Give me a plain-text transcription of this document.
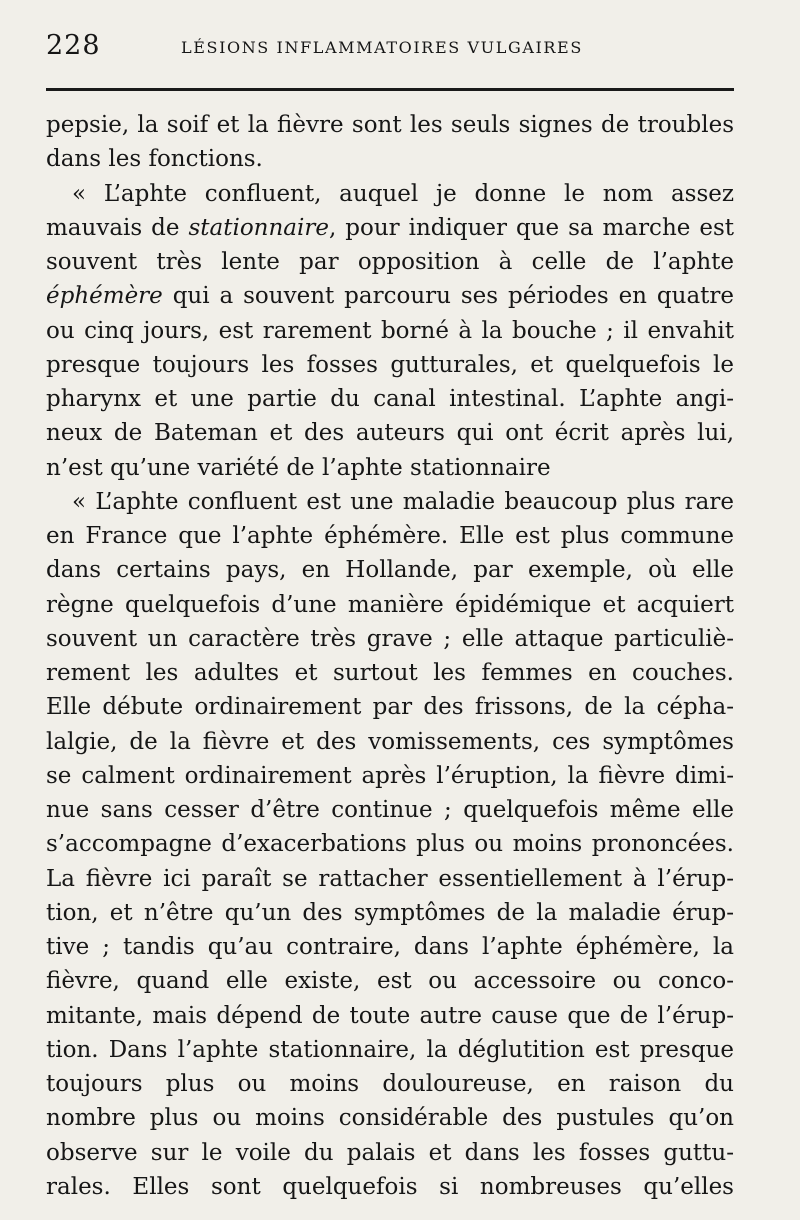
228	LÉSIONS INFLAMMATOIRES VULGAIRES
pepsie, la soif et la fièvre sont les seuls signes de troubles
dans les fonctions.
« L’aphte confluent, auquel je donne le nom assez
mauvais de stationnaire, pour indiquer que sa marche est
souvent très lente par opposition à celle de l’aphte
éphémère qui a souvent parcouru ses périodes en quatre
ou cinq jours, est rarement borné à la bouche ; il envahit
presque toujours les fosses gutturales, et quelquefois le
pharynx et une partie du canal intestinal. L’aphte angi-
neux de Bateman et des auteurs qui ont écrit après lui,
n’est qu’une variété de l’aphte stationnaire
« L’aphte confluent est une maladie beaucoup plus rare
en France que l’aphte éphémère. Elle est plus commune
dans certains pays, en Hollande, par exemple, où elle
règne quelquefois d’une manière épidémique et acquiert
souvent un caractère très grave ; elle attaque particuliè-
rement les adultes et surtout les femmes en couches.
Elle débute ordinairement par des frissons, de la cépha-
lalgie, de la fièvre et des vomissements, ces symptômes
se calment ordinairement après l’éruption, la fièvre dimi-
nue sans cesser d’être continue ; quelquefois même elle
s’accompagne d’exacerbations plus ou moins prononcées.
La fièvre ici paraît se rattacher essentiellement à l’érup-
tion, et n’être qu’un des symptômes de la maladie érup-
tive ; tandis qu’au contraire, dans l’aphte éphémère, la
fièvre, quand elle existe, est ou accessoire ou conco-
mitante, mais dépend de toute autre cause que de l’érup-
tion. Dans l’aphte stationnaire, la déglutition est presque
toujours plus ou moins douloureuse, en raison du
nombre plus ou moins considérable des pustules qu’on
observe sur le voile du palais et dans les fosses guttu-
rales. Elles sont quelquefois si nombreuses qu’elles
